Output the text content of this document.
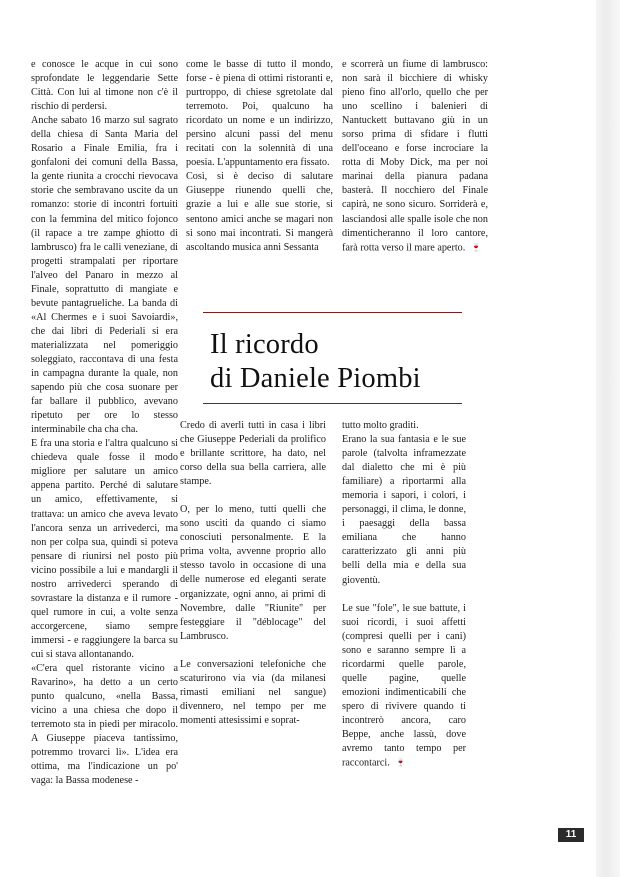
e conosce le acque in cui sono sprofondate le leggendarie Sette Città. Con lui al timone non c'è il rischio di perdersi.

Anche sabato 16 marzo sul sagrato della chiesa di Santa Maria del Rosario a Finale Emilia, fra i gonfaloni dei comuni della Bassa, la gente riunita a crocchi rievocava storie che sembravano uscite da un romanzo: storie di incontri fortuiti con la femmina del mitico fojonco (il rapace a tre zampe ghiotto di lambrusco) fra le calli veneziane, di progetti strampalati per riportare l'alveo del Panaro in mezzo al Finale, soprattutto di mangiate e bevute pantagrueliche. La banda di «Al Chermes e i suoi Savoiardi», che dai libri di Pederiali si era materializzata nel pomeriggio soleggiato, raccontava di una festa in campagna durante la quale, non sapendo più che cosa suonare per far ballare il pubblico, avevano ripetuto per ore lo stesso interminabile cha cha cha.

E fra una storia e l'altra qualcuno si chiedeva quale fosse il modo migliore per salutare un amico appena partito. Perché di salutare un amico, effettivamente, si trattava: un amico che aveva levato l'ancora senza un arrivederci, ma non per colpa sua, quindi si poteva pensare di riunirsi nel posto più vicino possibile a lui e mandargli il nostro arrivederci sperando di sovrastare la distanza e il rumore - quel rumore in cui, a volte senza accorgercene, siamo sempre immersi - e raggiungere la barca su cui si stava allontanando.

«C'era quel ristorante vicino a Ravarino», ha detto a un certo punto qualcuno, «nella Bassa, vicino a una chiesa che dopo il terremoto sta in piedi per miracolo. A Giuseppe piaceva tantissimo, potremmo trovarci lì». L'idea era ottima, ma l'indicazione un po' vaga: la Bassa modenese -

come le basse di tutto il mondo, forse - è piena di ottimi ristoranti e, purtroppo, di chiese sgretolate dal terremoto. Poi, qualcuno ha ricordato un nome e un indirizzo, persino alcuni passi del menu recitati con la solennità di una poesia. L'appuntamento era fissato.

Così, si è deciso di salutare Giuseppe riunendo quelli che, grazie a lui e alle sue storie, si sentono amici anche se magari non si sono mai incontrati. Si mangerà ascoltando musica anni Sessanta

e scorrerà un fiume di lambrusco: non sarà il bicchiere di whisky pieno fino all'orlo, quello che per uno scellino i balenieri di Nantuckett buttavano giù in un sorso prima di sfidare i flutti dell'oceano e forse incrociare la rotta di Moby Dick, ma per noi marinai della pianura padana basterà. Il nocchiero del Finale capirà, ne sono sicuro. Sorriderà e, lasciandosi alle spalle isole che non dimenticheranno il loro cantore, farà rotta verso il mare aperto. 🍷

Il ricordo
di Daniele Piombi

Credo di averli tutti in casa i libri che Giuseppe Pederiali da prolifico e brillante scrittore, ha dato, nel corso della sua bella carriera, alle stampe.

O, per lo meno, tutti quelli che sono usciti da quando ci siamo conosciuti personalmente. E la prima volta, avvenne proprio allo stesso tavolo in occasione di una delle numerose ed eleganti serate organizzate, ogni anno, ai primi di Novembre, dalle "Riunite" per festeggiare il "déblocage" del Lambrusco.

Le conversazioni telefoniche che scaturirono via via (da milanesi rimasti emiliani nel sangue) divennero, nel tempo per me momenti attesissimi e soprat-

tutto molto graditi.

Erano la sua fantasia e le sue parole (talvolta inframezzate dal dialetto che mi è più familiare) a riportarmi alla memoria i sapori, i colori, i personaggi, il clima, le donne, i paesaggi della bassa emiliana che hanno caratterizzato gli anni più belli della mia e della sua gioventù.

Le sue "fole", le sue battute, i suoi ricordi, i suoi affetti (compresi quelli per i cani) sono e saranno sempre lì a ricordarmi quelle parole, quelle pagine, quelle emozioni indimenticabili che spero di rivivere quando ti incontrerò ancora, caro Beppe, anche lassù, dove avremo tanto tempo per raccontarci. 🍷

11
